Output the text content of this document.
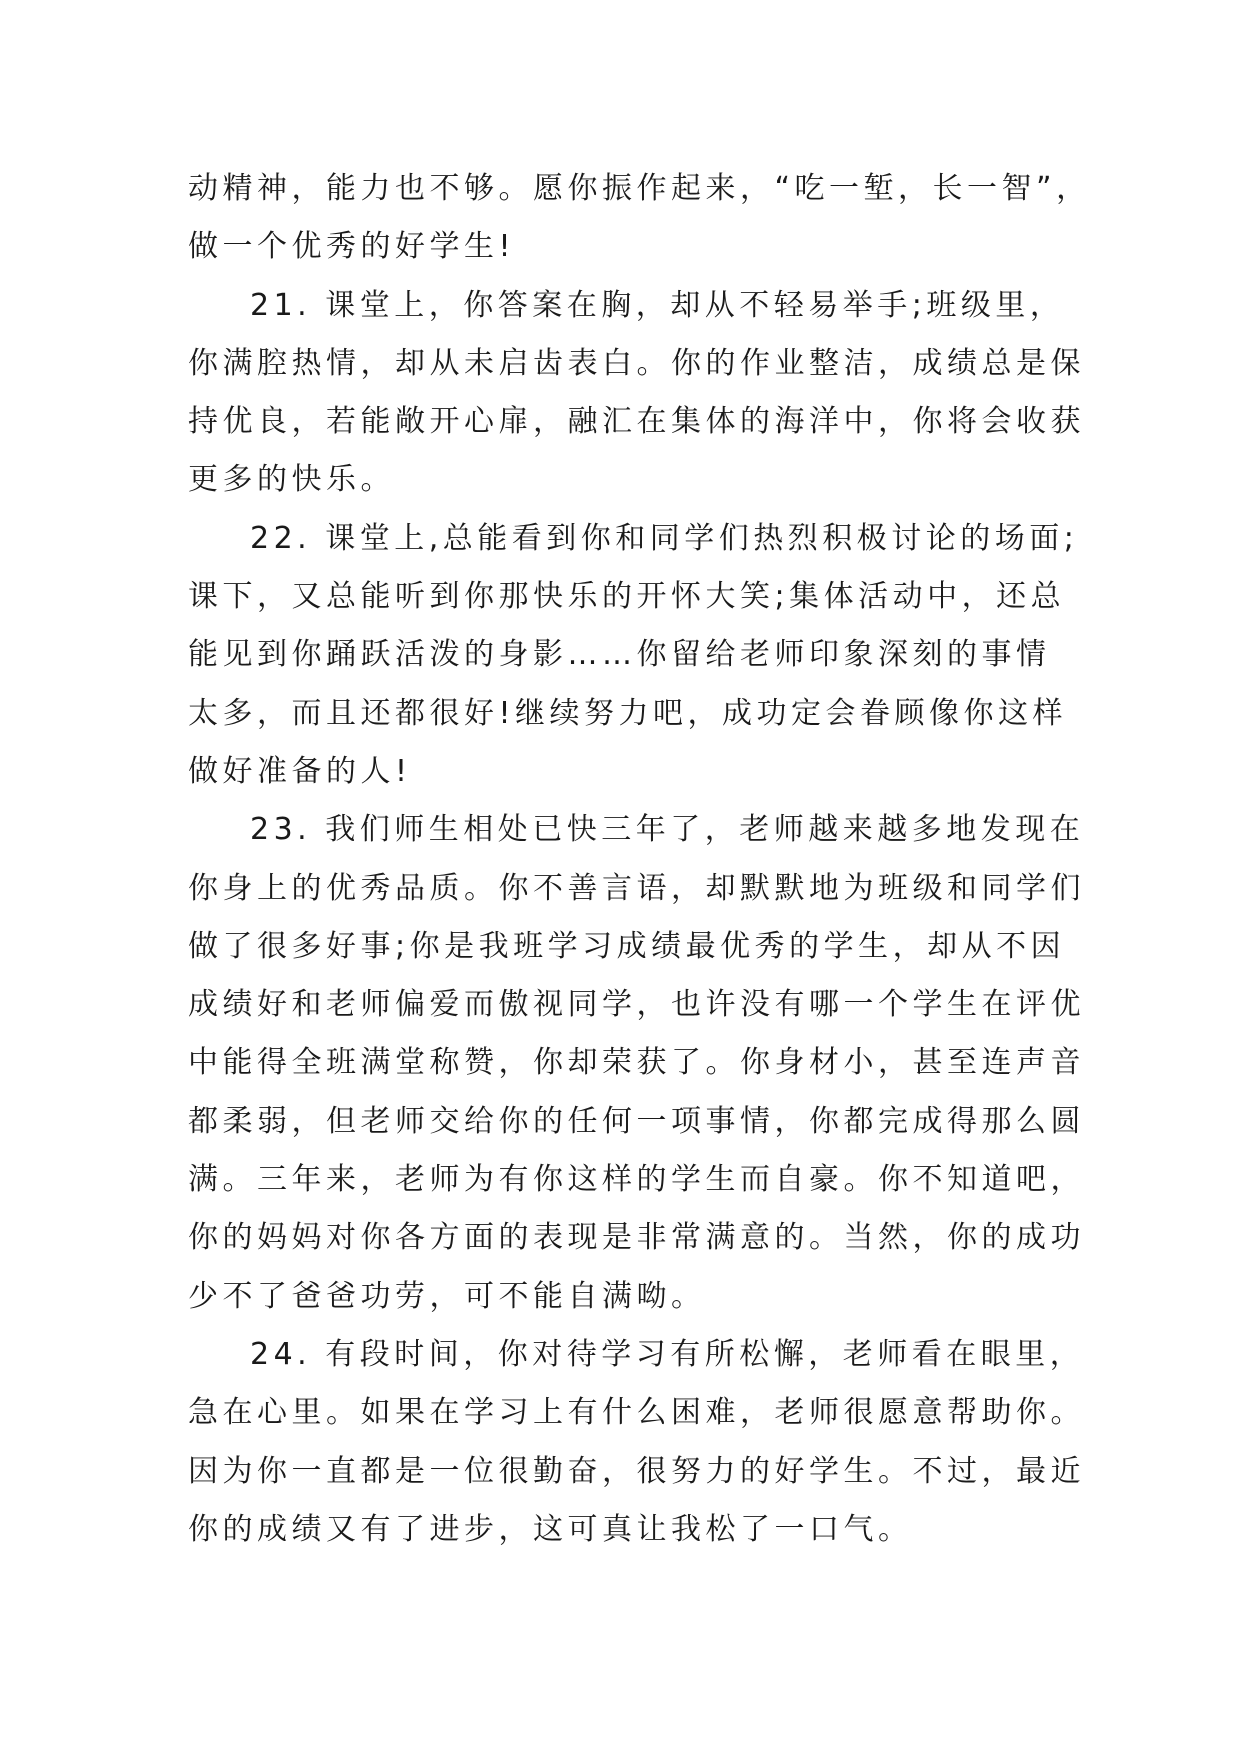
动精神，能力也不够。愿你振作起来，“吃一堑，长一智”，
做一个优秀的好学生!
21. 课堂上，你答案在胸，却从不轻易举手;班级里，
你满腔热情，却从未启齿表白。你的作业整洁，成绩总是保
持优良，若能敞开心扉，融汇在集体的海洋中，你将会收获
更多的快乐。
22. 课堂上,总能看到你和同学们热烈积极讨论的场面;
课下，又总能听到你那快乐的开怀大笑;集体活动中，还总
能见到你踊跃活泼的身影……你留给老师印象深刻的事情
太多，而且还都很好!继续努力吧，成功定会眷顾像你这样
做好准备的人!
23. 我们师生相处已快三年了，老师越来越多地发现在
你身上的优秀品质。你不善言语，却默默地为班级和同学们
做了很多好事;你是我班学习成绩最优秀的学生，却从不因
成绩好和老师偏爱而傲视同学，也许没有哪一个学生在评优
中能得全班满堂称赞，你却荣获了。你身材小，甚至连声音
都柔弱，但老师交给你的任何一项事情，你都完成得那么圆
满。三年来，老师为有你这样的学生而自豪。你不知道吧，
你的妈妈对你各方面的表现是非常满意的。当然，你的成功
少不了爸爸功劳，可不能自满呦。
24. 有段时间，你对待学习有所松懈，老师看在眼里，
急在心里。如果在学习上有什么困难，老师很愿意帮助你。
因为你一直都是一位很勤奋，很努力的好学生。不过，最近
你的成绩又有了进步，这可真让我松了一口气。
